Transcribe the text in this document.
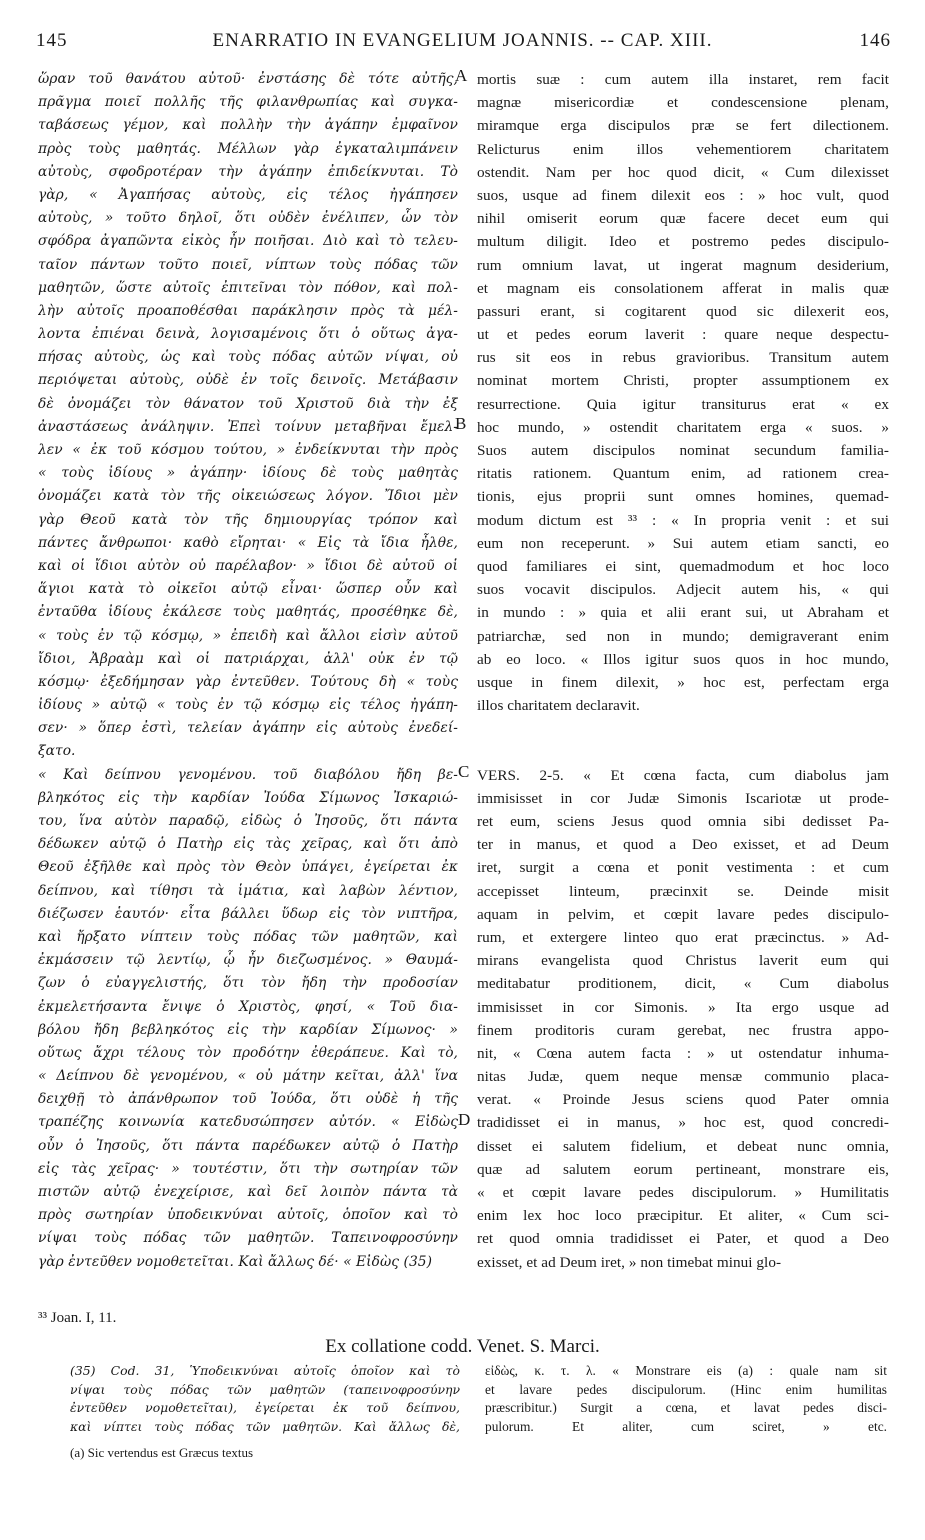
145	ENARRATIO IN EVANGELIUM JOANNIS. -- CAP. XIII.	146
ὥραν τοῦ θανάτου αὐτοῦ· ἐνστάσης δὲ τότε αὐτῆς,
πρᾶγμα ποιεῖ πολλῆς τῆς φιλανθρωπίας καὶ συγκα-
ταβάσεως γέμον, καὶ πολλὴν τὴν ἀγάπην ἐμφαῖνον
πρὸς τοὺς μαθητάς. Μέλλων γὰρ ἐγκαταλιμπάνειν
αὐτοὺς, σφοδροτέραν τὴν ἀγάπην ἐπιδείκνυται. Τὸ
γὰρ, « Ἀγαπήσας αὐτοὺς, εἰς τέλος ἠγάπησεν
αὐτοὺς, » τοῦτο δηλοῖ, ὅτι οὐδὲν ἐνέλιπεν, ὧν τὸν
σφόδρα ἀγαπῶντα εἰκὸς ἦν ποιῆσαι. Διὸ καὶ τὸ τελευ-
ταῖον πάντων τοῦτο ποιεῖ, νίπτων τοὺς πόδας τῶν
μαθητῶν, ὥστε αὐτοῖς ἐπιτεῖναι τὸν πόθον, καὶ πολ-
λὴν αὐτοῖς προαποθέσθαι παράκλησιν πρὸς τὰ μέλ-
λοντα ἐπιέναι δεινὰ, λογισαμένοις ὅτι ὁ οὕτως ἀγα-
πήσας αὐτοὺς, ὡς καὶ τοὺς πόδας αὐτῶν νίψαι, οὐ
περιόψεται αὐτοὺς, οὐδὲ ἐν τοῖς δεινοῖς. Μετάβασιν
δὲ ὀνομάζει τὸν θάνατον τοῦ Χριστοῦ διὰ τὴν ἐξ
ἀναστάσεως ἀνάληψιν. Ἐπεὶ τοίνυν μεταβῆναι ἔμελ-
λεν « ἐκ τοῦ κόσμου τούτου, » ἐνδείκνυται τὴν πρὸς
« τοὺς ἰδίους » ἀγάπην· ἰδίους δὲ τοὺς μαθητὰς
ὀνομάζει κατὰ τὸν τῆς οἰκειώσεως λόγον. Ἴδιοι μὲν
γὰρ Θεοῦ κατὰ τὸν τῆς δημιουργίας τρόπον καὶ
πάντες ἄνθρωποι· καθὸ εἴρηται· « Εἰς τὰ ἴδια ἦλθε,
καὶ οἱ ἴδιοι αὐτὸν οὐ παρέλαβον· » ἴδιοι δὲ αὐτοῦ οἱ
ἅγιοι κατὰ τὸ οἰκεῖοι αὐτῷ εἶναι· ὥσπερ οὖν καὶ
ἐνταῦθα ἰδίους ἐκάλεσε τοὺς μαθητάς, προσέθηκε δὲ,
« τοὺς ἐν τῷ κόσμῳ, » ἐπειδὴ καὶ ἄλλοι εἰσὶν αὐτοῦ
ἴδιοι, Ἀβραὰμ καὶ οἱ πατριάρχαι, ἀλλ' οὐκ ἐν τῷ
κόσμῳ· ἐξεδήμησαν γὰρ ἐντεῦθεν. Τούτους δὴ « τοὺς
ἰδίους » αὐτῷ « τοὺς ἐν τῷ κόσμῳ εἰς τέλος ἠγάπη-
σεν· » ὅπερ ἐστὶ, τελείαν ἀγάπην εἰς αὐτοὺς ἐνεδεί-
ξατο.
« Καὶ δείπνου γενομένου. τοῦ διαβόλου ἤδη βε-
βληκότος εἰς τὴν καρδίαν Ἰούδα Σίμωνος Ἰσκαριώ-
του, ἵνα αὐτὸν παραδῷ, εἰδὼς ὁ Ἰησοῦς, ὅτι πάντα
δέδωκεν αὐτῷ ὁ Πατὴρ εἰς τὰς χεῖρας, καὶ ὅτι ἀπὸ
Θεοῦ ἐξῆλθε καὶ πρὸς τὸν Θεὸν ὑπάγει, ἐγείρεται ἐκ
δείπνου, καὶ τίθησι τὰ ἱμάτια, καὶ λαβὼν λέντιον,
διέζωσεν ἑαυτόν· εἶτα βάλλει ὕδωρ εἰς τὸν νιπτῆρα,
καὶ ἤρξατο νίπτειν τοὺς πόδας τῶν μαθητῶν, καὶ
ἐκμάσσειν τῷ λεντίῳ, ᾧ ἦν διεζωσμένος. » Θαυμά-
ζων ὁ εὐαγγελιστής, ὅτι τὸν ἤδη τὴν προδοσίαν
ἐκμελετήσαντα ἔνιψε ὁ Χριστὸς, φησί, « Τοῦ δια-
βόλου ἤδη βεβληκότος εἰς τὴν καρδίαν Σίμωνος· »
οὕτως ἄχρι τέλους τὸν προδότην ἐθεράπευε. Καὶ τὸ,
« Δείπνου δὲ γενομένου, « οὐ μάτην κεῖται, ἀλλ' ἵνα
δειχθῇ τὸ ἀπάνθρωπον τοῦ Ἰούδα, ὅτι οὐδὲ ἡ τῆς
τραπέζης κοινωνία κατεδυσώπησεν αὐτόν. « Εἰδὼς
οὖν ὁ Ἰησοῦς, ὅτι πάντα παρέδωκεν αὐτῷ ὁ Πατὴρ
εἰς τὰς χεῖρας· » τουτέστιν, ὅτι τὴν σωτηρίαν τῶν
πιστῶν αὐτῷ ἐνεχείρισε, καὶ δεῖ λοιπὸν πάντα τὰ
πρὸς σωτηρίαν ὑποδεικνύναι αὐτοῖς, ὁποῖον καὶ τὸ
νίψαι τοὺς πόδας τῶν μαθητῶν. Ταπεινοφροσύνην
γὰρ ἐντεῦθεν νομοθετεῖται. Καὶ ἄλλως δέ· « Εἰδὼς (35)
mortis suæ : cum autem illa instaret, rem facit
magnæ misericordiæ et condescensione plenam,
miramque erga discipulos præ se fert dilectionem.
Relicturus enim illos vehementiorem charitatem
ostendit. Nam per hoc quod dicit, « Cum dilexisset
suos, usque ad finem dilexit eos : » hoc vult, quod
nihil omiserit eorum quæ facere decet eum qui
multum diligit. Ideo et postremo pedes discipulo-
rum omnium lavat, ut ingerat magnum desiderium,
et magnam eis consolationem afferat in malis quæ
passuri erant, si cogitarent quod sic dilexerit eos,
ut et pedes eorum laverit : quare neque despectu-
rus sit eos in rebus gravioribus. Transitum autem
nominat mortem Christi, propter assumptionem ex
resurrectione. Quia igitur transiturus erat « ex
hoc mundo, » ostendit charitatem erga « suos. »
Suos autem discipulos nominat secundum familia-
ritatis rationem. Quantum enim, ad rationem crea-
tionis, ejus proprii sunt omnes homines, quemad-
modum dictum est ³³ : « In propria venit : et sui
eum non receperunt. » Sui autem etiam sancti, eo
quod familiares ei sint, quemadmodum et hoc loco
suos vocavit discipulos. Adjecit autem his, « qui
in mundo : » quia et alii erant sui, ut Abraham et
patriarchæ, sed non in mundo; demigraverant enim
ab eo loco. « Illos igitur suos quos in hoc mundo,
usque in finem dilexit, » hoc est, perfectam erga
illos charitatem declaravit.
VERS. 2-5. « Et cœna facta, cum diabolus jam
immisisset in cor Judæ Simonis Iscariotæ ut prode-
ret eum, sciens Jesus quod omnia sibi dedisset Pa-
ter in manus, et quod a Deo exisset, et ad Deum
iret, surgit a cœna et ponit vestimenta : et cum
accepisset linteum, præcinxit se. Deinde misit
aquam in pelvim, et cœpit lavare pedes discipulo-
rum, et extergere linteo quo erat præcinctus. » Ad-
mirans evangelista quod Christus laverit eum qui
meditabatur proditionem, dicit, « Cum diabolus
immisisset in cor Simonis. » Ita ergo usque ad
finem proditoris curam gerebat, nec frustra appo-
nit, « Cœna autem facta : » ut ostendatur inhuma-
nitas Judæ, quem neque mensæ communio placa-
verat. « Proinde Jesus sciens quod Pater omnia
tradidisset ei in manus, » hoc est, quod concredi-
disset ei salutem fidelium, et debeat nunc omnia,
quæ ad salutem eorum pertineant, monstrare eis,
« et cœpit lavare pedes discipulorum. » Humilitatis
enim lex hoc loco præcipitur. Et aliter, « Cum sci-
ret quod omnia tradidisset ei Pater, et quod a Deo
exisset, et ad Deum iret, » non timebat minui glo-
A
B
C
D
³³ Joan. I, 11.
Ex collatione codd. Venet. S. Marci.
(35) Cod. 31, Ὑποδεικνύναι αὐτοῖς ὁποῖον καὶ τὸ
νίψαι τοὺς πόδας τῶν μαθητῶν (ταπεινοφροσύνην
ἐντεῦθεν νομοθετεῖται), ἐγείρεται ἐκ τοῦ δείπνου,
καὶ νίπτει τοὺς πόδας τῶν μαθητῶν. Καὶ ἄλλως δὲ,
εἰδὼς, κ. τ. λ. « Monstrare eis (a) : quale nam sit
et lavare pedes discipulorum. (Hinc enim humilitas
præscribitur.) Surgit a cœna, et lavat pedes disci-
pulorum. Et aliter, cum sciret, » etc.
(a) Sic vertendus est Græcus textus
